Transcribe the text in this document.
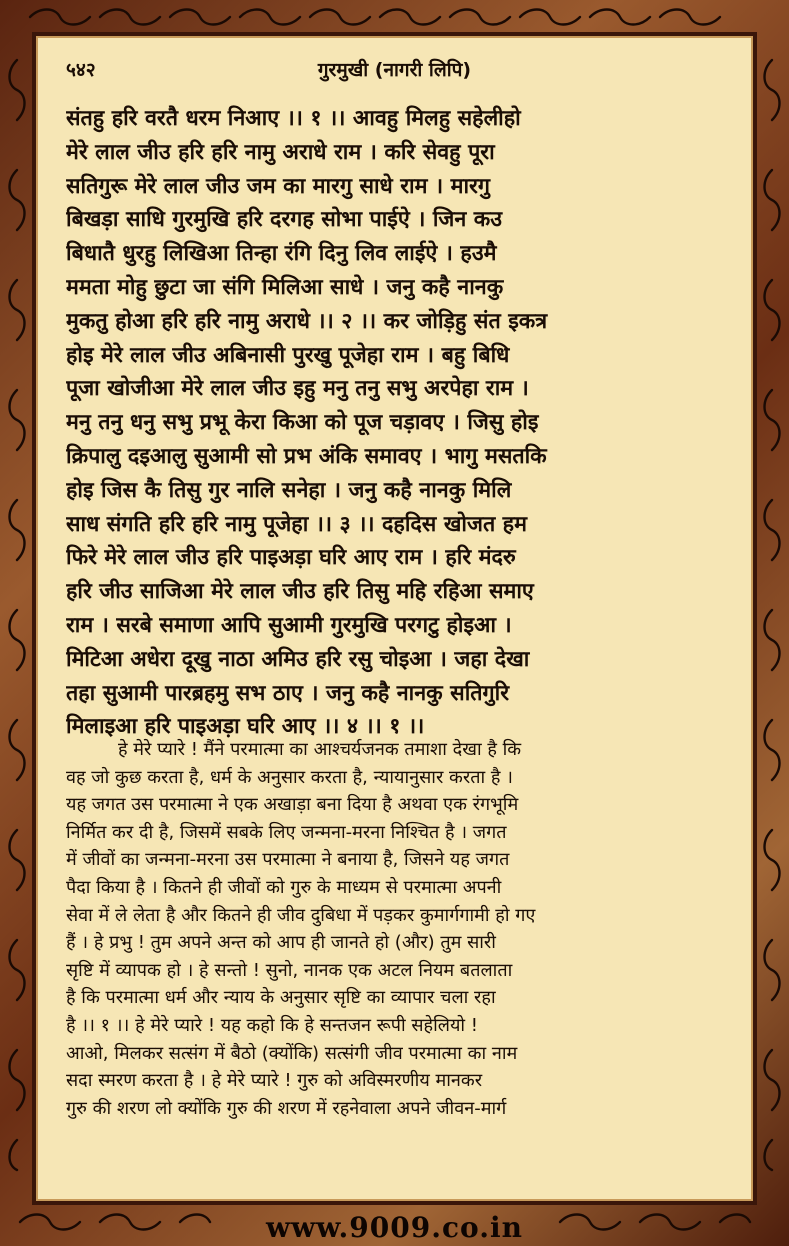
५४२	गुरमुखी (नागरी लिपि)
संतहु हरि वरतै धरम निआए ।। १ ।। आवहु मिलहु सहेलीहो
मेरे लाल जीउ हरि हरि नामु अराधे राम । करि सेवहु पूरा
सतिगुरू मेरे लाल जीउ जम का मारगु साधे राम । मारगु
बिखड़ा साधि गुरमुखि हरि दरगह सोभा पाईऐ । जिन कउ
बिधातै धुरहु लिखिआ तिन्हा रंगि दिनु लिव लाईऐ । हउमै
ममता मोहु छुटा जा संगि मिलिआ साधे । जनु कहै नानकु
मुकतु होआ हरि हरि नामु अराधे ।। २ ।। कर जोड़िहु संत इकत्र
होइ मेरे लाल जीउ अबिनासी पुरखु पूजेहा राम । बहु बिधि
पूजा खोजीआ मेरे लाल जीउ इहु मनु तनु सभु अरपेहा राम ।
मनु तनु धनु सभु प्रभू केरा किआ को पूज चड़ावए । जिसु होइ
क्रिपालु दइआलु सुआमी सो प्रभ अंकि समावए । भागु मसतकि
होइ जिस कै तिसु गुर नालि सनेहा । जनु कहै नानकु मिलि
साध संगति हरि हरि नामु पूजेहा ।। ३ ।। दहदिस खोजत हम
फिरे मेरे लाल जीउ हरि पाइअड़ा घरि आए राम । हरि मंदरु
हरि जीउ साजिआ मेरे लाल जीउ हरि तिसु महि रहिआ समाए
राम । सरबे समाणा आपि सुआमी गुरमुखि परगटु होइआ ।
मिटिआ अधेरा दूखु नाठा अमिउ हरि रसु चोइआ । जहा देखा
तहा सुआमी पारब्रहमु सभ ठाए । जनु कहै नानकु सतिगुरि
मिलाइआ हरि पाइअड़ा घरि आए ।। ४ ।। १ ।।
हे मेरे प्यारे ! मैंने परमात्मा का आश्चर्यजनक तमाशा देखा है कि
वह जो कुछ करता है, धर्म के अनुसार करता है, न्यायानुसार करता है ।
यह जगत उस परमात्मा ने एक अखाड़ा बना दिया है अथवा एक रंगभूमि
निर्मित कर दी है, जिसमें सबके लिए जन्मना-मरना निश्चित है । जगत
में जीवों का जन्मना-मरना उस परमात्मा ने बनाया है, जिसने यह जगत
पैदा किया है । कितने ही जीवों को गुरु के माध्यम से परमात्मा अपनी
सेवा में ले लेता है और कितने ही जीव दुबिधा में पड़कर कुमार्गगामी हो गए
हैं । हे प्रभु ! तुम अपने अन्त को आप ही जानते हो (और) तुम सारी
सृष्टि में व्यापक हो । हे सन्तो ! सुनो, नानक एक अटल नियम बतलाता
है कि परमात्मा धर्म और न्याय के अनुसार सृष्टि का व्यापार चला रहा
है ।। १ ।। हे मेरे प्यारे ! यह कहो कि हे सन्तजन रूपी सहेलियो !
आओ, मिलकर सत्संग में बैठो (क्योंकि) सत्संगी जीव परमात्मा का नाम
सदा स्मरण करता है । हे मेरे प्यारे ! गुरु को अविस्मरणीय मानकर
गुरु की शरण लो क्योंकि गुरु की शरण में रहनेवाला अपने जीवन-मार्ग
www.9009.co.in
